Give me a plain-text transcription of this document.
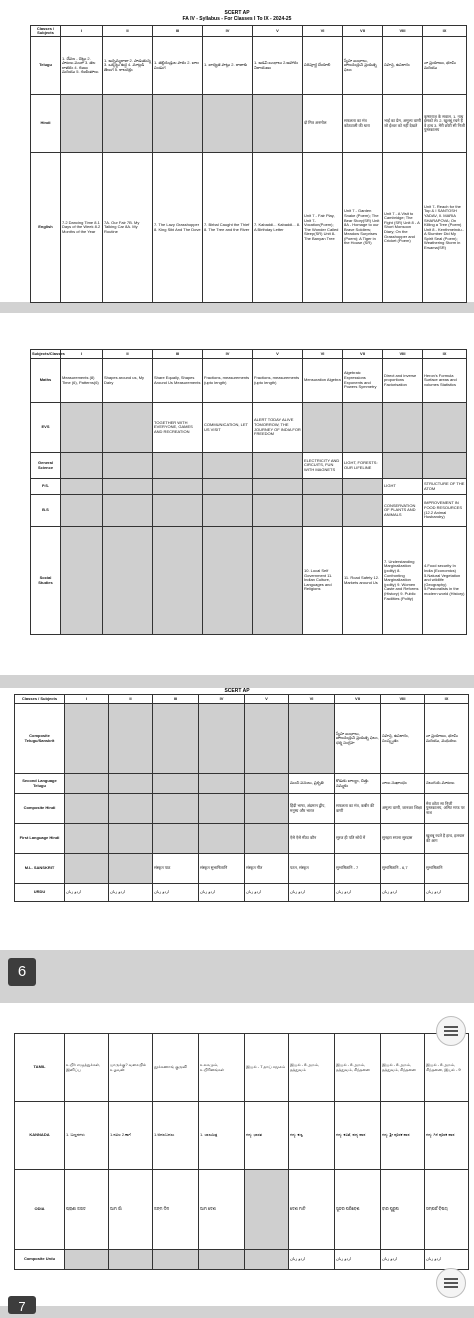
SCERT AP
FA IV - Syllabus - For Classes I To IX - 2024-25
Classes / Subjects	I	II	III	IV	V	VI	VII	VIII	IX
Telugu	1. చేపల - చెట్టు 2. పాటలు పంచా 3. తల రాతరం 4. గుణం మరియు 5. గుణింతాలు	1. అన్నమ్మ‌రాజు 2. పాడుతున్న 3. ఒక్కట్టు ఉద్ద 4. మాట్లడి తెలుగ 5. కాలచక్రం	1. తల్లిదండ్రుల పాఠం 2. బాల పండుగ	1. బాధ్యత పాట్లు 2. రాజాకు	1. అడవి బంధాలు 2.ఆహారం నిరాయణం	పరిపూర్ణ చేయాలి	స్నేహ బంధాలు, బాలచంద్రుని ప్రయత్న ఫలం	సహన్త, ఉపకారం	నా ప్రయాణం, భూమి మరియు
Hindi						दो मित्र अनमोल	सफलता का मंत्र कोठवाली की धारा	भाई का प्रेम, अमूल्य वाणी जो ईश्वर को नहीं देखते	कृष्णराज के सवाल, 1. नाथ इसको ले। 2. खुशबू रचने हैं वे हाथ 3. मेरी छोटी सी निजी पुस्तकालय
English	7.2 Dancing Time 8.1 Days of the Week 8.2 Months of the Year	7A. Our Fair 7B. My Talking Car 8A. My Routine	7. The Lazy Grasshopper 8. King Sibi And The Dove	7. Birbal Caught the Thief 8. The Tree and the River	7. Kabaddi... Kabaddi... 8. A Birthday Letter	Unit 7 - Fair Play, Unit 7- Vocation(Poem); The Wonder Called Sleep(SR) Unit 8- The Banyan Tree	Unit 7 - Garden Snake (Poem); The Bear Story(SR) Unit 8A - Homage to our Brave Soldiers; Meadow Surprises (Poem); A Tiger in the House (SR)	Unit 7 - A Visit to Cambridge; The Fight (SR) Unit 8 - A Short Monsoon Diary; On the Grasshopper and Cricket (Poem)	Unit 7- Reach for the Top & I SANTOSH YADAV, II. MARIA SHARAPOVA; On Killing a Tree (Poem) Unit 8 - Kenthmeindu.. A Slumber Did My Spirit Seal (Poem); Weathering Storm in Ersama(SR)
Subjects/Classes	I	II	III	IV	V	VI	VII	VIII	IX
Maths	Measurements (8) Time (6), Patterns(6)	Shapes around us, My Dairy	Share Equally, Shapes Around Us Measurements	Fractions, measurements (upto length)	Fractions, measurements (upto length)	Mensuration Algebra	Algebraic Expressions Exponents and Powers Symmetry	Direct and inverse proportions Factorisation	Heron's Formula Surface areas and volumes Statistics
EVS			TOGETHER WITH EVERYONE, GAMES AND RECREATION	COMMUNICATION, LET US VISIT	ALERT TODAY ALIVE TOMORROW, THE JOURNEY OF INDIA FOR FREEDOM				
General Science						ELECTRICITY AND CIRCUITS, FUN WITH MAGNETS	LIGHT, FORESTS: OUR LIFELINE		
P.S.								LIGHT	STRUCTURE OF THE ATOM
B.S								CONSERVATION OF PLANTS AND ANIMALS	IMPROVEMENT IN FOOD RESOURCES (12.2 Animal Husbandry)
Social Studies						10. Local Self Government 11. Indian Culture, Languages and Religions	11. Road Safety 12. Markets around Us	7. Understanding Marginalization (polity) 8. Confronting Marginalization (polity) 9. Women Caste and Reforms (History) 9. Public Facilities (Polity)	4.Food security In India (Economics) 5.Natural Vegetation and wildlife (Geography) 5.Pastoralists in the modern world (History)
SCERT AP
Classes / Subjects	I	II	III	IV	V	VI	VII	VIII	IX
Composite Telugu/Sanskrit							స్నేహ బంధాలు, బాలచంద్రుని ప్రయత్న ఫలం, ధర్మ సంగ్రహ	సహన్త, ఉపకారం, సంస్కృతం	నా ప్రయాణం, భూమి మరియు, మధురలు
Second Language Telugu						మంచి పనులు, ప్రకృతి	కొడుకు బాల్యం, చిత్తు నమ్మకం	నాలు సుఖాంధం	నలుగురు మాటలు
Composite Hindi						हिंदी भाषा, अंडमान द्वीप, मनुष्य और भारत	सफलता का मंत्र, कबीर की वाणी	अमूल्य वाणी, जानकर शिक्षा	मेरा छोटा सा निजी पुस्तकालय, अमिट माफ पर नाश
First Language Hindi						ऐसे ऐसे मीठा कौन	सूरज ही पति सोचें में	सुनहरा सपना सुरदास	खुशबू रचते है हाथ, हलचल की आग
M.L. SANSKRIT			संस्कृत पाठ	संस्कृत सुभाषितानि	संस्कृत गीत	पठन, संस्कृत	सुभाषितानि - 7	सुभाषितानि - 6,7	सुभाषितानि
URDU	اردو زبان	اردو زبان	اردو زبان	اردو زبان	اردو زبان	اردو زبان	اردو زبان	اردو زبان	اردو زبان
6
TAMIL	உயிர் எழுத்துக்கள், இனிப்பு	யாருக்கு? வகையில் உழவன்	தூக்கணாங் குருவி	உலகமும், உயிரினங்கள்	இயல் - 7 தாய் சமூகம்	இயல் - 8 அறம், தத்துவம்	இயல் - 8 அறம், தத்துவம், சிந்தனை	இயல் - 8 அறம், தத்துவம், சிந்தனை	இயல் - 8 அறம், சிந்தனை, இயல் - 9
KANNADA	1. ಬಣ್ಣದಗಳು	1.ನವಿಲ 2.ಕಾಗೆ	1.ಅದಲಬದಲು	1. ಬಾಲಮಿತ್ರ	ಗದ್ಯ: ಭಾರತ	ಗದ್ಯ: ಕಣ್ವ	ಗದ್ಯ: ಕವಿತೆ, ಪದ್ಯ ಪಾಠ	ಗದ್ಯ: ಶ್ರೀ ಪೂರಕ ಪಾಠ	ಗದ್ಯ: ಗಿಳಿ ಪೂರಕ ಪಾಠ
ODIA	ପ୍ରାଣୀ ଜଗତ	ଆମ ଗାଁ	ଜନ୍ମ ଦିନ	ଆମ ଦେଶ		ଦେଶ ମାଟି	ସୁନ୍ଦର ପରିବେଶ	ବୀର ପୁରୁଷ	ସମ୍ପର୍କ ବିଷୟ
Composite Urdu						اردو زبان	اردو زبان	اردو زبان	اردو زبان
7
